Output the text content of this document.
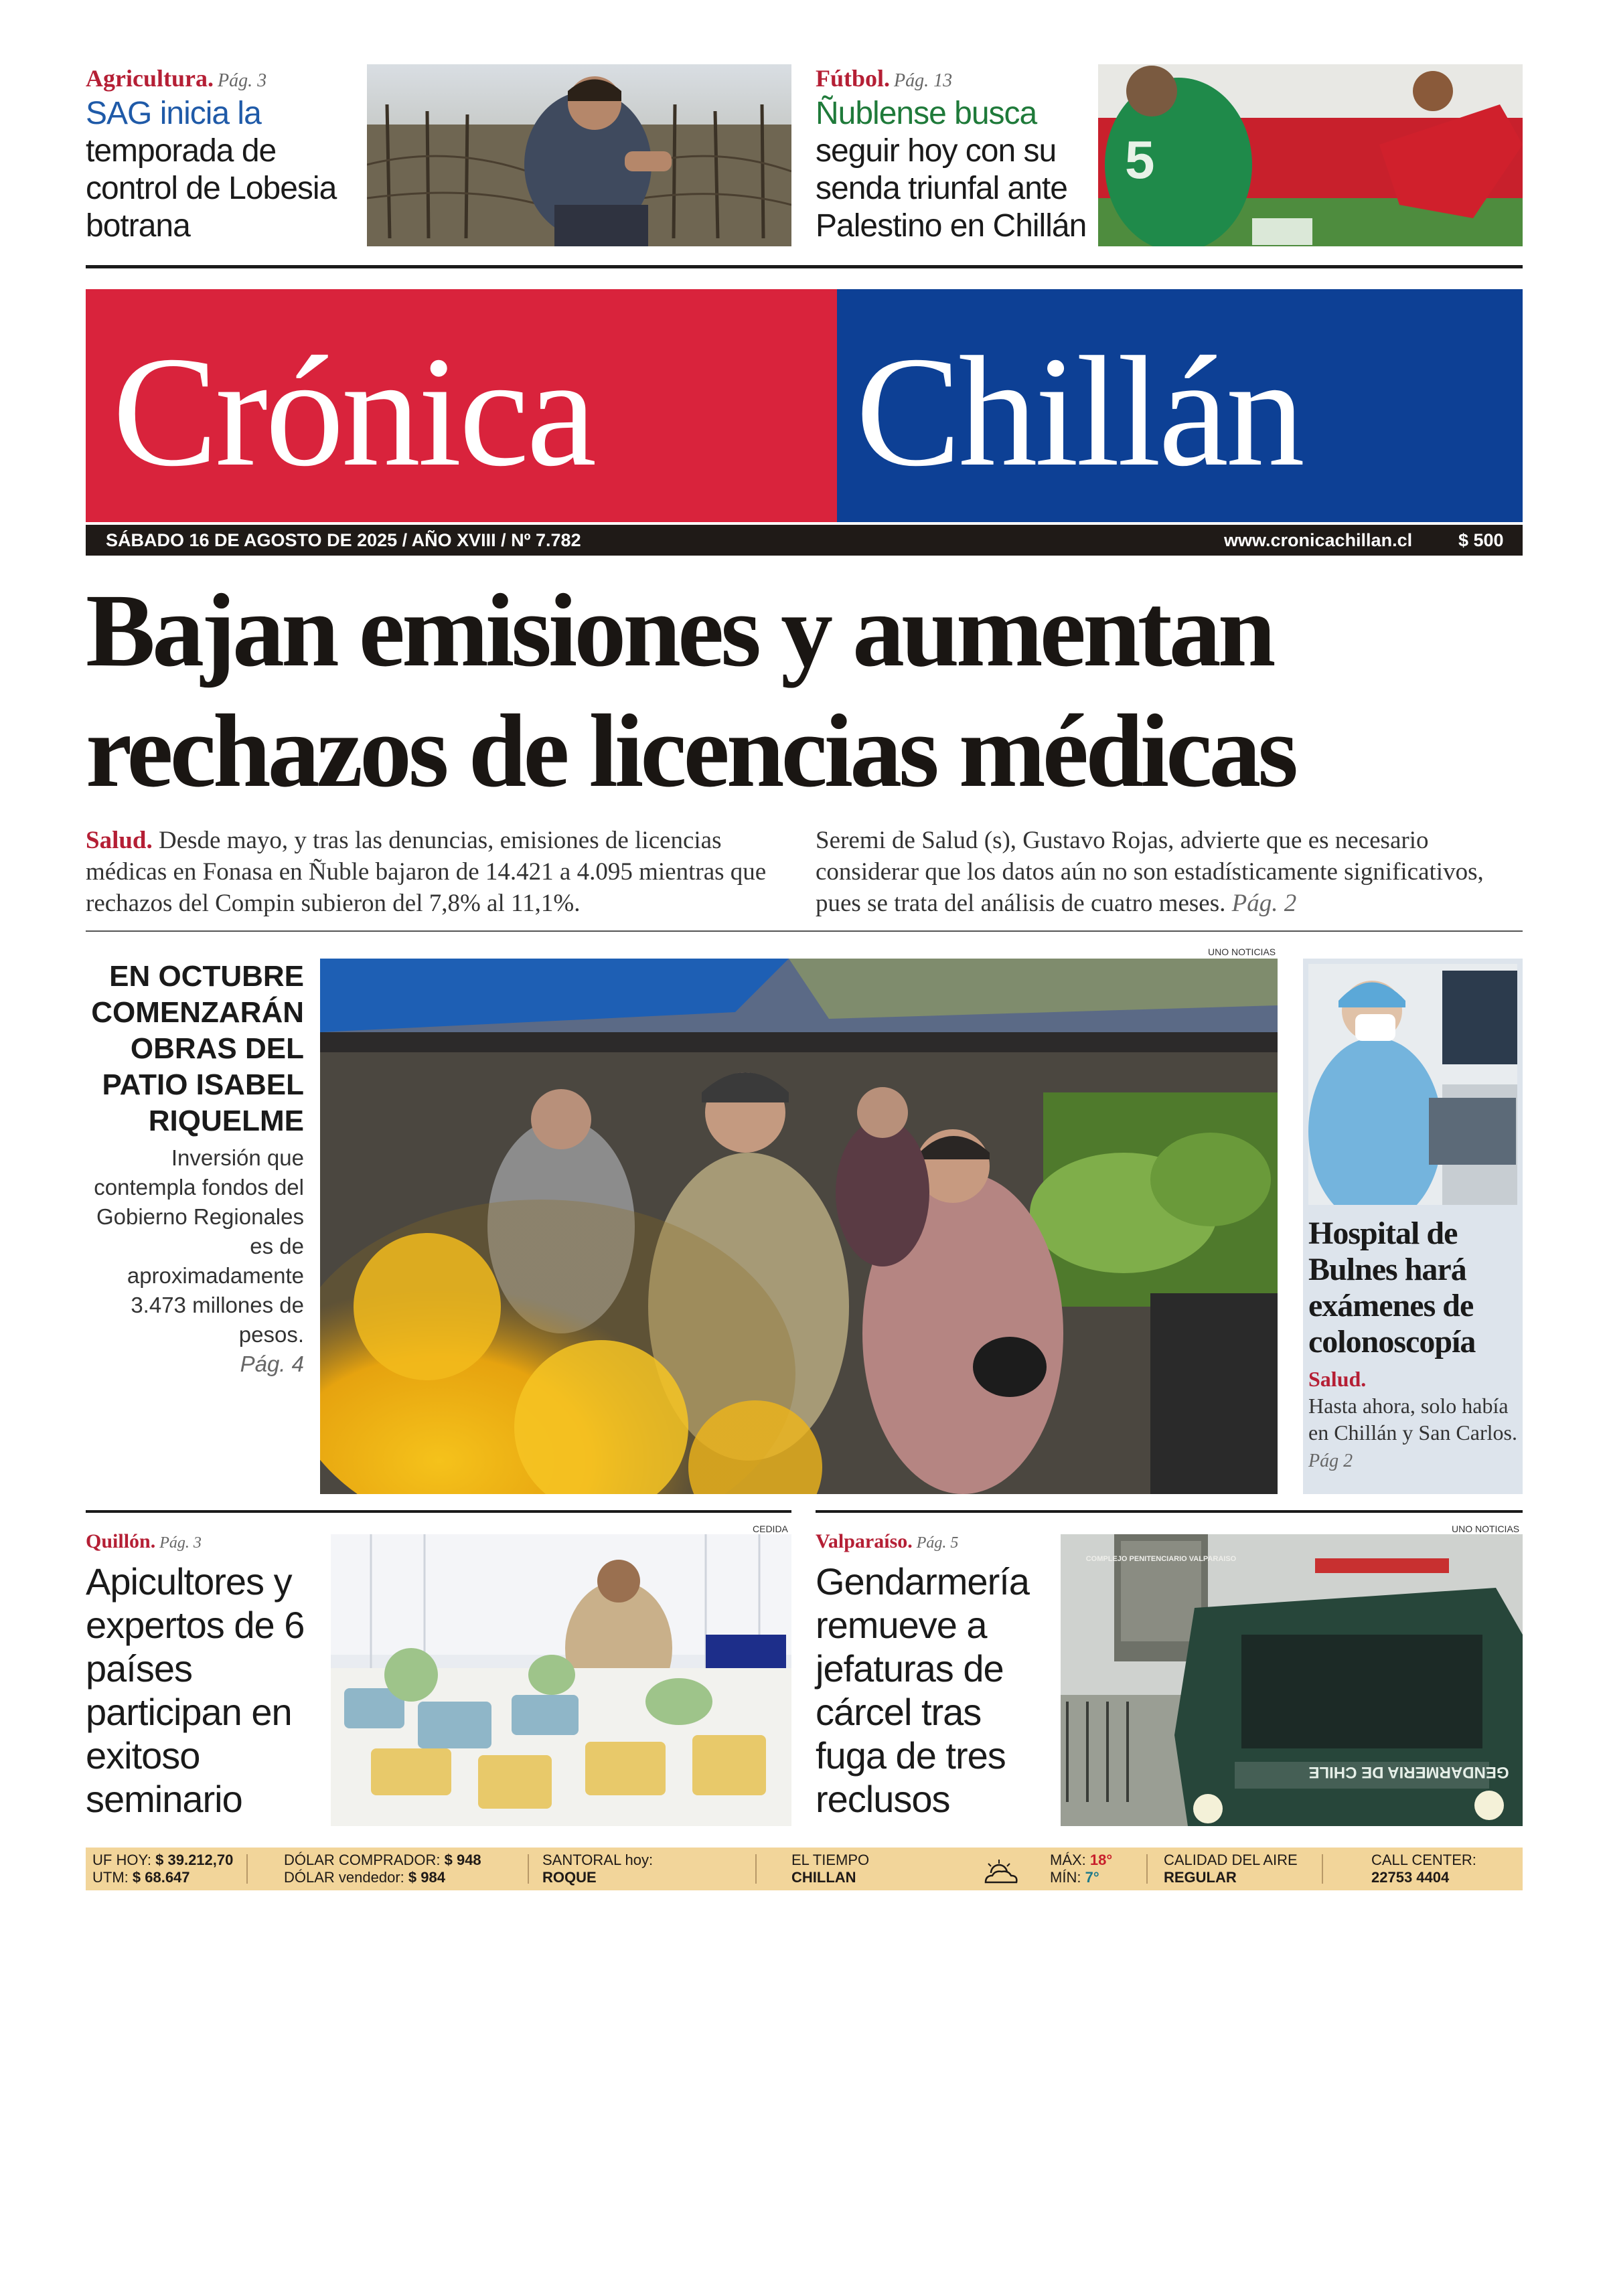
Agricultura. Pág. 3
SAG inicia la temporada de control de Lobesia botrana
Fútbol. Pág. 13
Ñublense busca seguir hoy con su senda triunfal ante Palestino en Chillán
5
Crónica Chillán
SÁBADO 16 DE AGOSTO DE 2025 / AÑO XVIII / Nº 7.782	www.cronicachillan.cl	$ 500
Bajan emisiones y aumentan
rechazos de licencias médicas
Salud. Desde mayo, y tras las denuncias, emisiones de licencias médicas en Fonasa en Ñuble bajaron de 14.421 a 4.095 mientras que rechazos del Compin subieron del 7,8% al 11,1%.
Seremi de Salud (s), Gustavo Rojas, advierte que es necesario considerar que los datos aún no son estadísticamente significativos, pues se trata del análisis de cuatro meses. Pág. 2
EN OCTUBRE COMENZARÁN OBRAS DEL PATIO ISABEL RIQUELME
Inversión que contempla fondos del Gobierno Regionales es de aproximadamente 3.473 millones de pesos.
Pág. 4
UNO NOTICIAS
Hospital de Bulnes hará exámenes de colonoscopía
Salud.
Hasta ahora, solo había en Chillán y San Carlos. Pág 2
Quillón. Pág. 3
Apicultores y expertos de 6 países participan en exitoso seminario
CEDIDA
Valparaíso. Pág. 5
Gendarmería remueve a jefaturas de cárcel tras fuga de tres reclusos
UNO NOTICIAS
COMPLEJO PENITENCIARIO VALPARAISO
GENDARMERIA DE CHILE
UF HOY: $ 39.212,70
UTM: $ 68.647
DÓLAR COMPRADOR: $ 948
DÓLAR vendedor: $ 984
SANTORAL hoy:
ROQUE
EL TIEMPO
CHILLAN
MÁX: 18°
MÍN: 7°
CALIDAD DEL AIRE
REGULAR
CALL CENTER:
22753 4404
